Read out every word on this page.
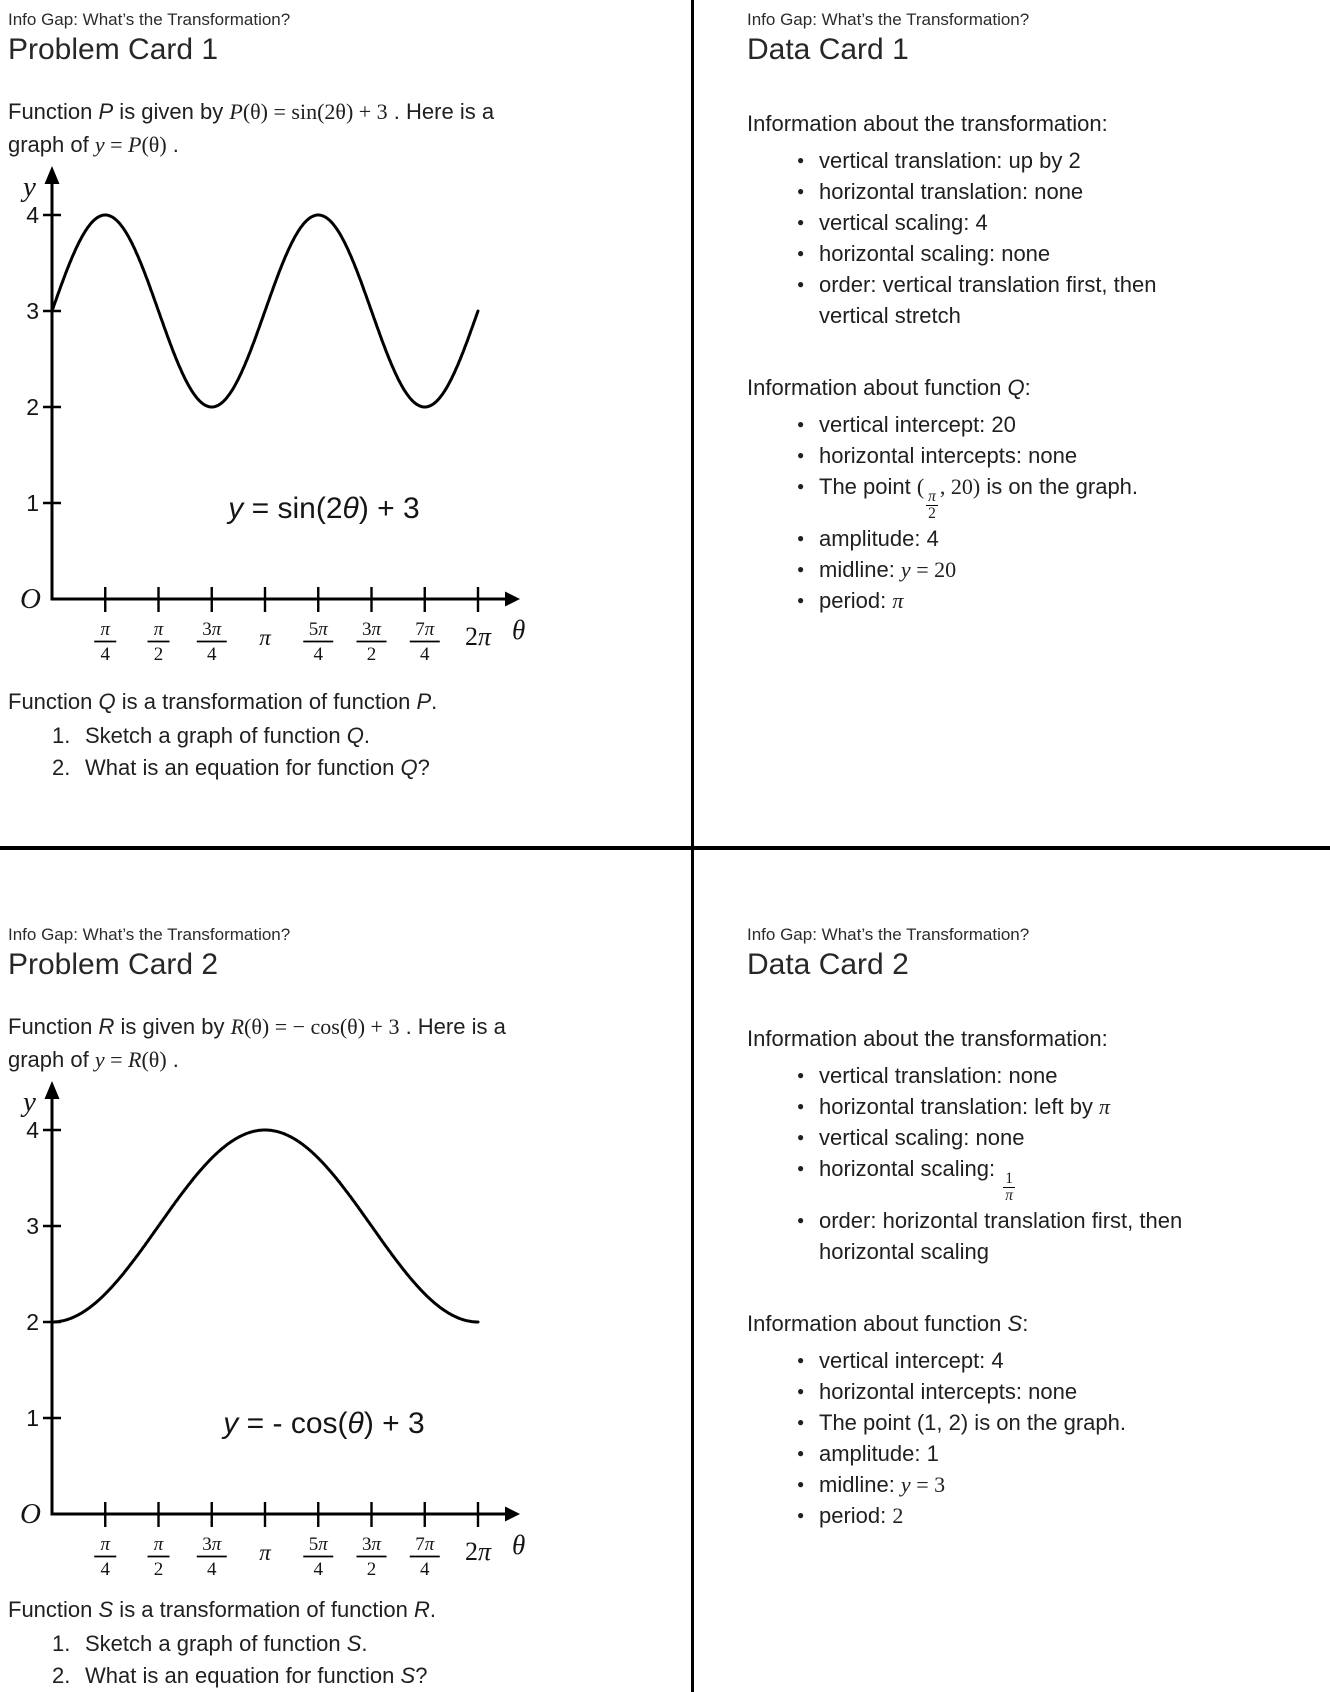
Info Gap: What’s the Transformation?
Problem Card 1
Function P is given by P(θ) = sin(2θ) + 3 . Here is a
graph of y = P(θ) .
1
2
3
4
π
4
π
2
3π
4
π 5π
4
3π
2
7π
4
2π
y
θ
O
y = sin(2θ) + 3
Function Q is a transformation of function P.
1. Sketch a graph of function Q.
2. What is an equation for function Q?
Info Gap: What’s the Transformation?
Data Card 1
Information about the transformation:
● vertical translation: up by 2
● horizontal translation: none
● vertical scaling: 4
● horizontal scaling: none
● order: vertical translation first, then
vertical stretch
Information about function Q:
● vertical intercept: 20
● horizontal intercepts: none
● The point (
$\frac{\pi}{2}$
, 20) is on the graph.
● amplitude: 4
● midline: y = 20
● period: π
Info Gap: What’s the Transformation?
Problem Card 2
Function R is given by R(θ) = − cos(θ) + 3 . Here is a
graph of y = R(θ) .
1
2
3
4
π
4
π
2
3π
4
π 5π
4
3π
2
7π
4
2π
y
θ
O
y = - cos(θ) + 3
Function S is a transformation of function R.
1. Sketch a graph of function S.
2. What is an equation for function S?
Info Gap: What’s the Transformation?
Data Card 2
Information about the transformation:
● vertical translation: none
● horizontal translation: left by π
● vertical scaling: none
● horizontal scaling:
$\frac{1}{\pi}$
● order: horizontal translation first, then
horizontal scaling
Information about function S:
● vertical intercept: 4
● horizontal intercepts: none
● The point (1, 2) is on the graph.
● amplitude: 1
● midline: y = 3
● period: 2
